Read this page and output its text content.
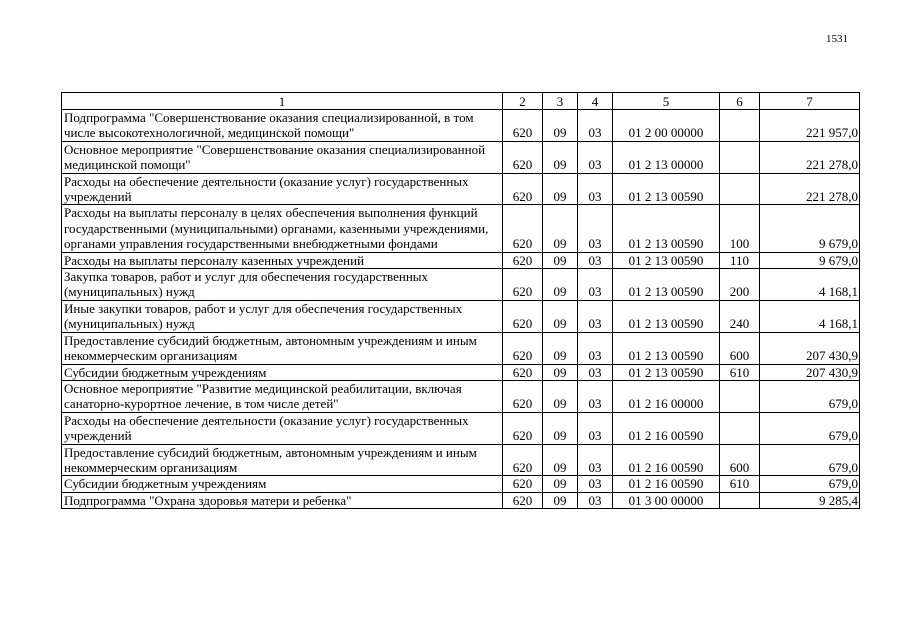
1531
1	2	3	4	5	6	7
Подпрограмма "Совершенствование оказания специализированной, в том числе высокотехнологичной, медицинской помощи"	620	09	03	01 2 00 00000		221 957,0
Основное мероприятие "Совершенствование оказания специализированной медицинской помощи"	620	09	03	01 2 13 00000		221 278,0
Расходы на обеспечение деятельности (оказание услуг) государственных учреждений	620	09	03	01 2 13 00590		221 278,0
Расходы на выплаты персоналу в целях обеспечения выполнения функций государственными (муниципальными) органами, казенными учреждениями, органами управления государственными внебюджетными фондами	620	09	03	01 2 13 00590	100	9 679,0
Расходы на выплаты персоналу казенных учреждений	620	09	03	01 2 13 00590	110	9 679,0
Закупка товаров, работ и услуг для обеспечения государственных (муниципальных) нужд	620	09	03	01 2 13 00590	200	4 168,1
Иные закупки товаров, работ и услуг для обеспечения государственных (муниципальных) нужд	620	09	03	01 2 13 00590	240	4 168,1
Предоставление субсидий бюджетным, автономным учреждениям и иным некоммерческим организациям	620	09	03	01 2 13 00590	600	207 430,9
Субсидии бюджетным учреждениям	620	09	03	01 2 13 00590	610	207 430,9
Основное мероприятие "Развитие медицинской реабилитации, включая санаторно-курортное лечение, в том числе детей"	620	09	03	01 2 16 00000		679,0
Расходы на обеспечение деятельности (оказание услуг) государственных учреждений	620	09	03	01 2 16 00590		679,0
Предоставление субсидий бюджетным, автономным учреждениям и иным некоммерческим организациям	620	09	03	01 2 16 00590	600	679,0
Субсидии бюджетным учреждениям	620	09	03	01 2 16 00590	610	679,0
Подпрограмма "Охрана здоровья матери и ребенка"	620	09	03	01 3 00 00000		9 285,4
